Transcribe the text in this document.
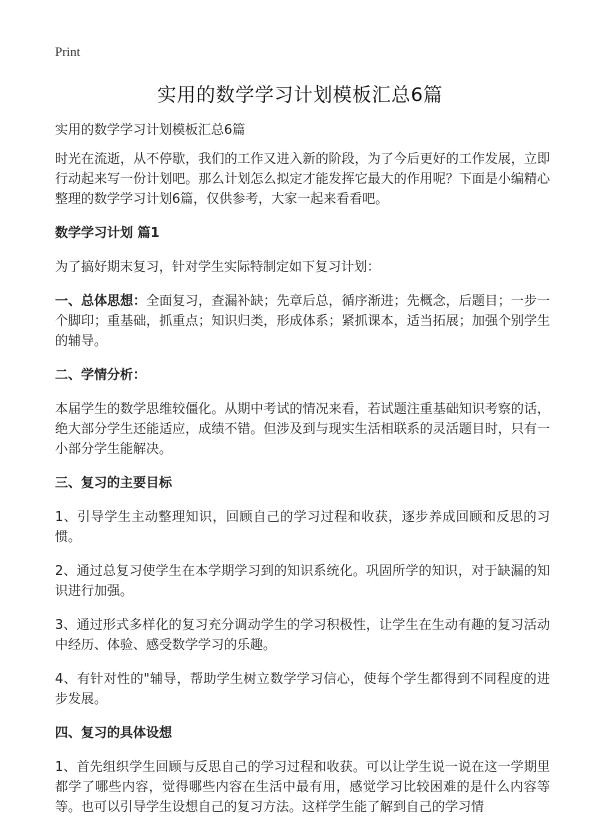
Print
实用的数学学习计划模板汇总6篇
实用的数学学习计划模板汇总6篇

时光在流逝，从不停歇，我们的工作又进入新的阶段，为了今后更好的工作发展，立即行动起来写一份计划吧。那么计划怎么拟定才能发挥它最大的作用呢？下面是小编精心整理的数学学习计划6篇，仅供参考，大家一起来看看吧。

数学学习计划 篇1

为了搞好期末复习，针对学生实际特制定如下复习计划：

一、总体思想：全面复习，查漏补缺；先章后总，循序渐进；先概念，后题目；一步一个脚印；重基础，抓重点；知识归类，形成体系；紧抓课本，适当拓展；加强个别学生的辅导。

二、学情分析：

本届学生的数学思维较僵化。从期中考试的情况来看，若试题注重基础知识考察的话，绝大部分学生还能适应，成绩不错。但涉及到与现实生活相联系的灵活题目时，只有一小部分学生能解决。

三、复习的主要目标

1、引导学生主动整理知识，回顾自己的学习过程和收获，逐步养成回顾和反思的习惯。

2、通过总复习使学生在本学期学习到的知识系统化。巩固所学的知识，对于缺漏的知识进行加强。

3、通过形式多样化的复习充分调动学生的学习积极性，让学生在生动有趣的复习活动中经历、体验、感受数学学习的乐趣。

4、有针对性的"辅导，帮助学生树立数学学习信心，使每个学生都得到不同程度的进步发展。

四、复习的具体设想

1、首先组织学生回顾与反思自己的学习过程和收获。可以让学生说一说在这一学期里都学了哪些内容，觉得哪些内容在生活中最有用，感觉学习比较困难的是什么内容等等。也可以引导学生设想自己的复习方法。这样学生能了解到自己的学习情
